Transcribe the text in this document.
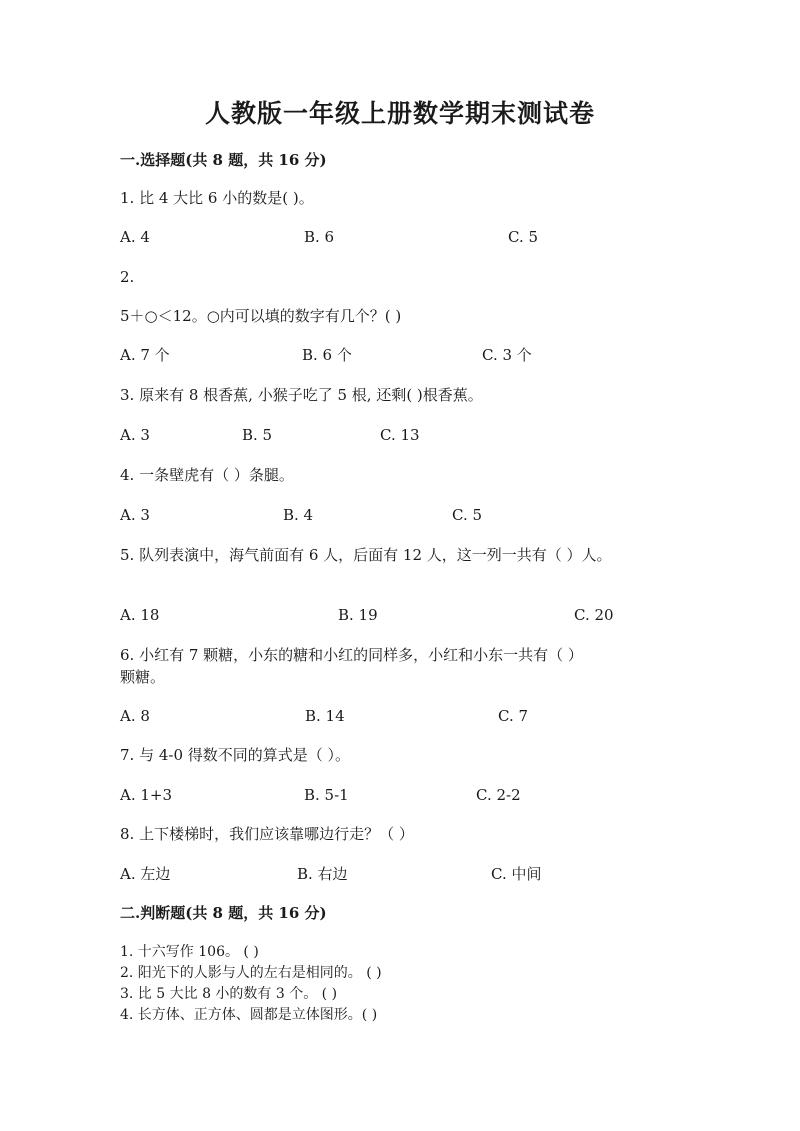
人教版一年级上册数学期末测试卷
一.选择题(共 8 题，共 16 分)
1. 比 4 大比 6 小的数是( )。
A. 4	B. 6	C. 5
2.
5＋○＜12。○内可以填的数字有几个？( )
A. 7 个	B. 6 个	C. 3 个
3. 原来有 8 根香蕉, 小猴子吃了 5 根, 还剩( )根香蕉。
A. 3	B. 5	C. 13
4. 一条壁虎有（ ）条腿。
A. 3	B. 4	C. 5
5. 队列表演中，海气前面有 6 人，后面有 12 人，这一列一共有（ ）人。
A. 18	B. 19	C. 20
6. 小红有 7 颗糖，小东的糖和小红的同样多，小红和小东一共有（ ）
颗糖。
A. 8	B. 14	C. 7
7. 与 4-0 得数不同的算式是（ ）。
A. 1+3	B. 5-1	C. 2-2
8. 上下楼梯时，我们应该靠哪边行走？（ ）
A. 左边	B. 右边	C. 中间
二.判断题(共 8 题，共 16 分)
1. 十六写作 106。 ( )
2. 阳光下的人影与人的左右是相同的。 ( )
3. 比 5 大比 8 小的数有 3 个。 ( )
4. 长方体、正方体、圆都是立体图形。( )
